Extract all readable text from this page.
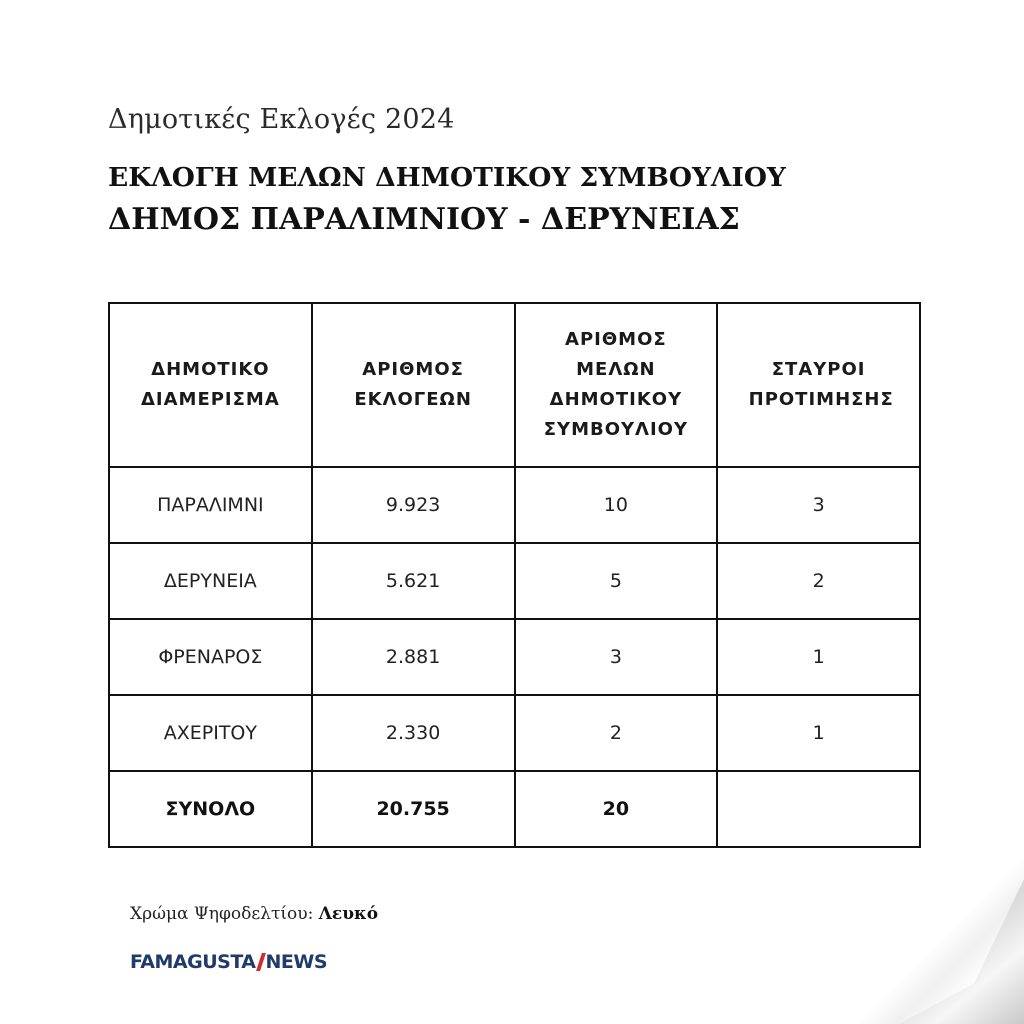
Δημοτικές Εκλογές 2024

ΕΚΛΟΓΗ ΜΕΛΩΝ ΔΗΜΟΤΙΚΟΥ ΣΥΜΒΟΥΛΙΟΥ
ΔΗΜΟΣ ΠΑΡΑΛΙΜΝΙΟΥ - ΔΕΡΥΝΕΙΑΣ
ΔΗΜΟΤΙΚΟ ΔΙΑΜΕΡΙΣΜΑ	ΑΡΙΘΜΟΣ ΕΚΛΟΓΕΩΝ	ΑΡΙΘΜΟΣ ΜΕΛΩΝ ΔΗΜΟΤΙΚΟΥ ΣΥΜΒΟΥΛΙΟΥ	ΣΤΑΥΡΟΙ ΠΡΟΤΙΜΗΣΗΣ

ΠΑΡΑΛΙΜΝΙ	9.923	10	3
ΔΕΡΥΝΕΙΑ	5.621	5	2
ΦΡΕΝΑΡΟΣ	2.881	3	1
ΑΧΕΡΙΤΟΥ	2.330	2	1
ΣΥΝΟΛΟ	20.755	20	

Χρώμα Ψηφοδελτίου: Λευκό

FAMAGUSTA NEWS
